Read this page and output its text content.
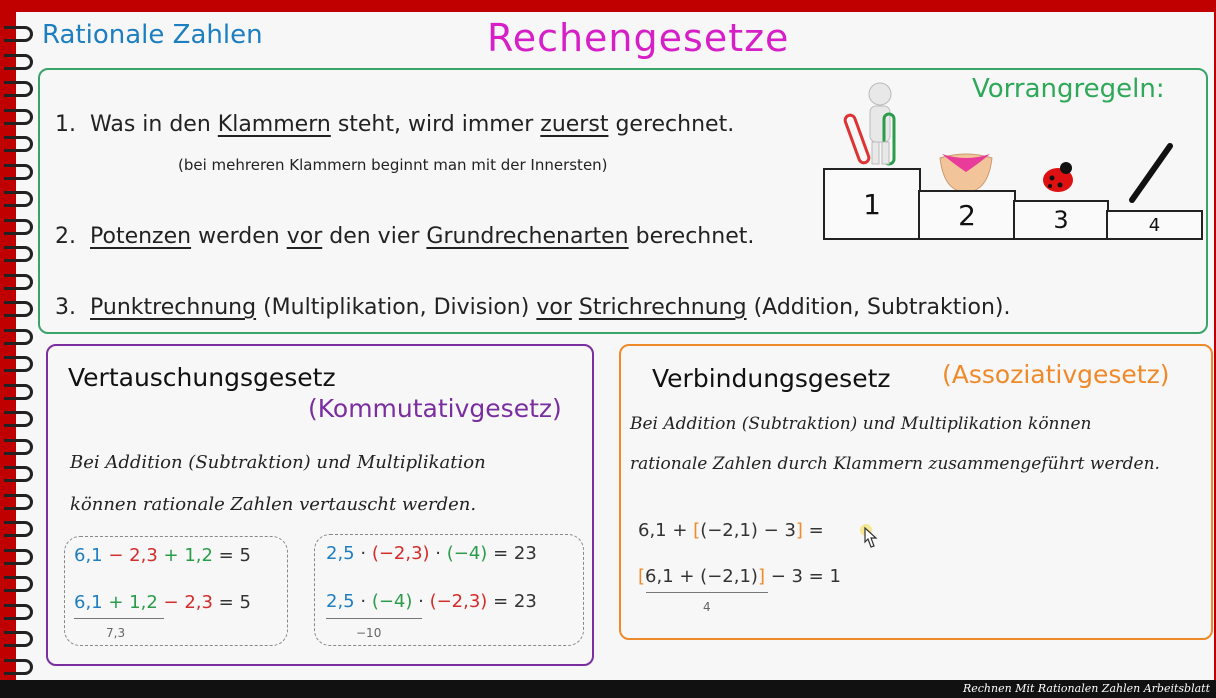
Rationale Zahlen	Rechengesetze
Vorrangregeln:
1. Was in den Klammern steht, wird immer zuerst gerechnet.
(bei mehreren Klammern beginnt man mit der Innersten)
2. Potenzen werden vor den vier Grundrechenarten berechnet.
3. Punktrechnung (Multiplikation, Division) vor Strichrechnung (Addition, Subtraktion).
1	2	3	4
Vertauschungsgesetz
(Kommutativgesetz)
Bei Addition (Subtraktion) und Multiplikation
können rationale Zahlen vertauscht werden.
6,1 − 2,3 + 1,2 = 5
6,1 + 1,2 − 2,3 = 5
7,3
2,5 · (−2,3) · (−4) = 23
2,5 · (−4) · (−2,3) = 23
−10
Verbindungsgesetz (Assoziativgesetz)
Bei Addition (Subtraktion) und Multiplikation können
rationale Zahlen durch Klammern zusammengeführt werden.
6,1 + [(−2,1) − 3] =
[6,1 + (−2,1)] − 3 = 1
4
Rechnen Mit Rationalen Zahlen Arbeitsblatt
